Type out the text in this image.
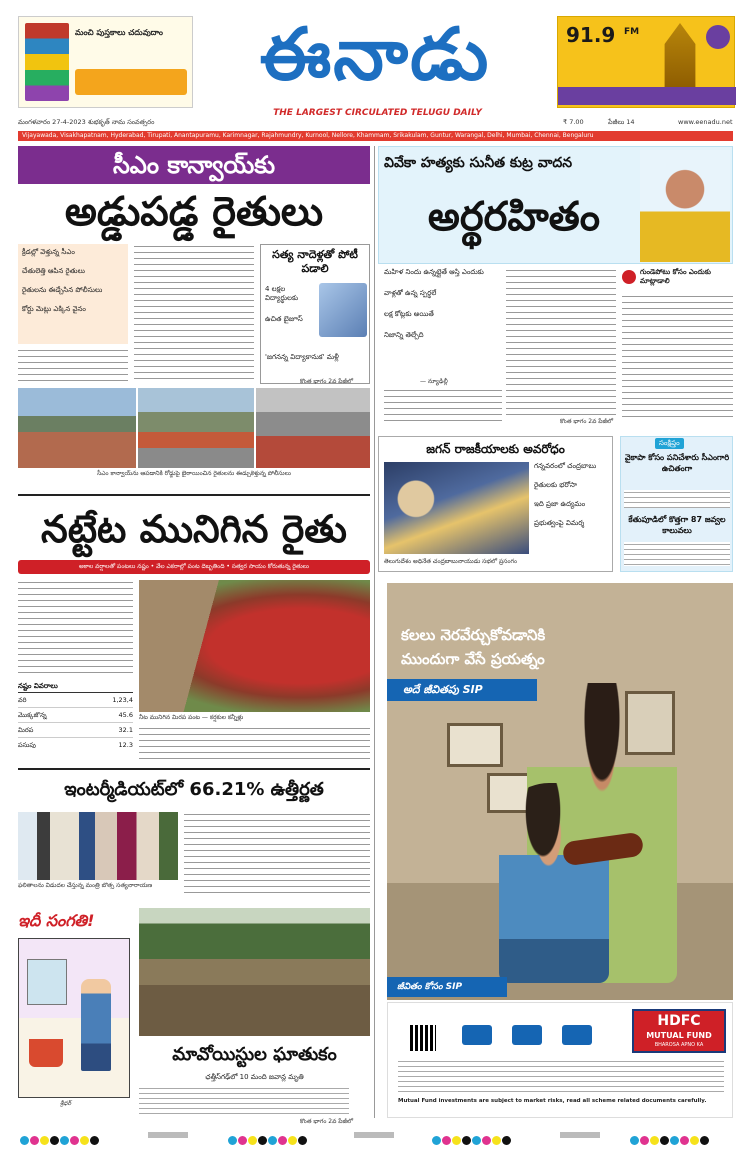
మంచి పుస్తకాలు చదువుదాం	ఈనాడు
THE LARGEST CIRCULATED TELUGU DAILY
91.9 FM
మంగళవారం 27-4-2023 శుభకృత్ నామ సంవత్సరం	₹ 7.00	పేజీలు 14	www.eenadu.net
Vijayawada, Visakhapatnam, Hyderabad, Tirupati, Anantapuramu, Karimnagar, Rajahmundry, Kurnool, Nellore, Khammam, Srikakulam, Guntur, Warangal, Delhi, Mumbai, Chennai, Bengaluru
సీఎం కాన్వాయ్‌కు
అడ్డుపడ్డ రైతులు
క్రీడల్లో వెళ్తున్న సీఎం
చేతులెత్తి ఆపిన రైతులు
రైతులను ఈడ్చేసిన పోలీసులు
కోర్టు మెట్లు ఎక్కిన వైనం
సత్య నాదెళ్లతో పోటీ పడాలి
4 లక్షల విద్యార్థులకు
ఉచిత బైజూస్
'జగనన్న విద్యాకానుక' మళ్లీ
కొంత భాగం 2వ పేజీలో
సీఎం కాన్వాయ్‌ను ఆపడానికి రోడ్డుపై బైఠాయించిన రైతులను ఈడ్చుకెళ్తున్న పోలీసులు
వివేకా హత్యకు సునీత కుట్ర వాదన
అర్థరహితం
మహిళ నిందు ఉన్నట్లైతే ఆస్తి ఎందుకు
వాళ్లతో ఉన్న స్పర్థలే
లక్ష కోట్లకు అయితే
నిజాన్ని తెల్చేది
— న్యూఢిల్లీ
కొంత భాగం 2వ పేజీలో
గుండెపోటు కోసం ఎందుకు మాట్లాడాలి
జగన్ రాజకీయాలకు అవరోధం
గన్నవరంలో చంద్రబాబు
రైతులకు భరోసా
ఇది ప్రజా ఉద్యమం
ప్రభుత్వంపై విమర్శ
తెలుగుదేశం అధినేత చంద్రబాబునాయుడు సభలో ప్రసంగం
సంక్షిప్తం
వైకాపా కోసం పనిచేశారు సీఎంగారి ఉచితంగా
కేతుపూడిలో కొత్తగా 87 జవ్వల కాలువలు
నట్టేట మునిగిన రైతు
అకాల వర్షాలతో పంటలు నష్టం • వేల ఎకరాల్లో పంట దెబ్బతింది • సత్వర సాయం కోరుతున్న రైతులు
నష్టం వివరాలు
వరి	1,23,4
మొక్కజొన్న	45.6
మిరప	32.1
పసుపు	12.3
నీట మునిగిన మిరప పంట — కర్షకుల కన్నీళ్లు
ఇంటర్మీడియట్‌లో 66.21% ఉత్తీర్ణత
ఫలితాలను విడుదల చేస్తున్న మంత్రి బొత్స సత్యనారాయణ
ఇదీ సంగతి!
శ్రీధర్
మావోయిస్టుల ఘాతుకం
ఛత్తీస్‌గఢ్‌లో 10 మంది జవాన్ల మృతి
కొంత భాగం 2వ పేజీలో
కలలు నెరవేర్చుకోవడానికి
ముందుగా వేసే ప్రయత్నం
అదే జీవితపు SIP
జీవితం కోసం SIP
HDFC
MUTUAL FUND
BHAROSA APNO KA
Mutual Fund investments are subject to market risks, read all scheme related documents carefully.
